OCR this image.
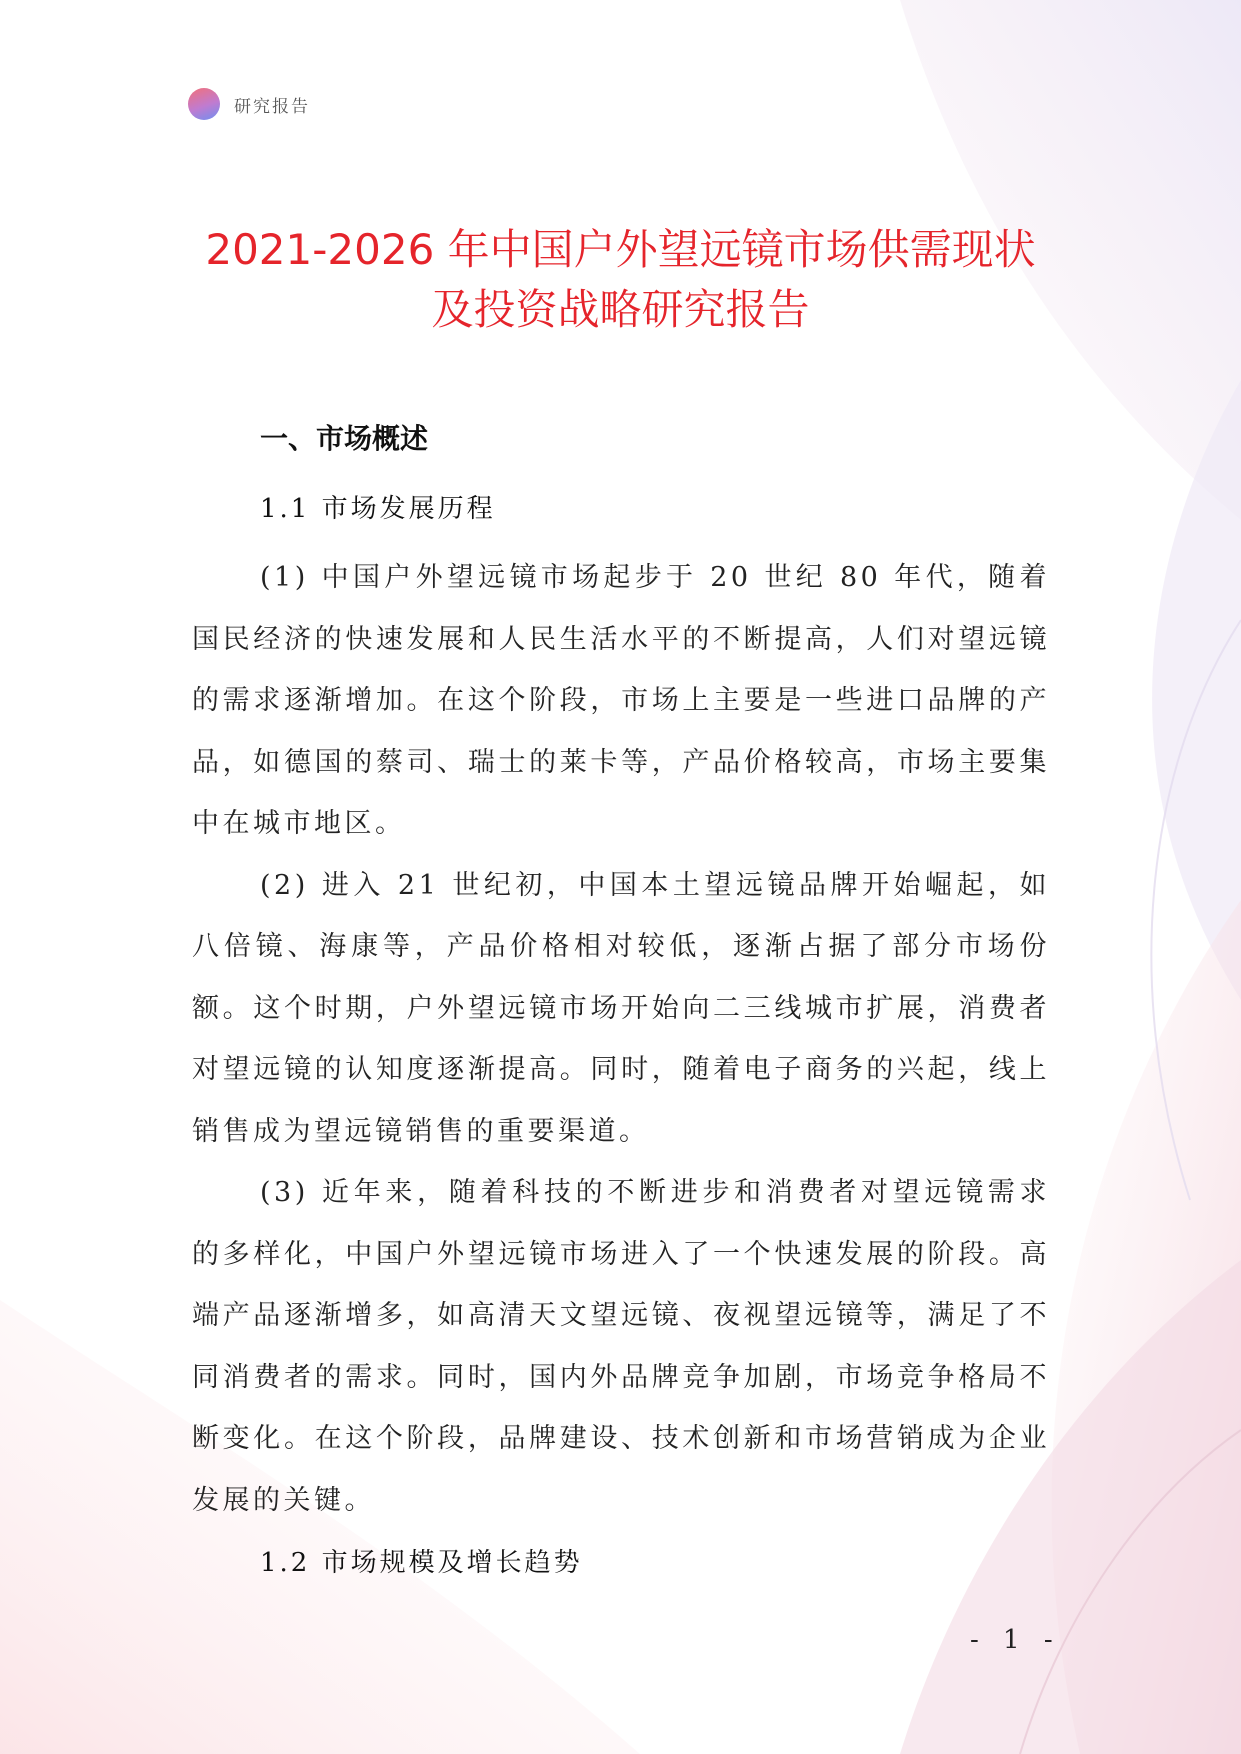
研究报告
2021-2026 年中国户外望远镜市场供需现状
及投资战略研究报告
一、市场概述
1.1 市场发展历程

(1) 中国户外望远镜市场起步于 20 世纪 80 年代，随着国民经济的快速发展和人民生活水平的不断提高，人们对望远镜的需求逐渐增加。在这个阶段，市场上主要是一些进口品牌的产品，如德国的蔡司、瑞士的莱卡等，产品价格较高，市场主要集中在城市地区。

(2) 进入 21 世纪初，中国本土望远镜品牌开始崛起，如八倍镜、海康等，产品价格相对较低，逐渐占据了部分市场份额。这个时期，户外望远镜市场开始向二三线城市扩展，消费者对望远镜的认知度逐渐提高。同时，随着电子商务的兴起，线上销售成为望远镜销售的重要渠道。

(3) 近年来，随着科技的不断进步和消费者对望远镜需求的多样化，中国户外望远镜市场进入了一个快速发展的阶段。高端产品逐渐增多，如高清天文望远镜、夜视望远镜等，满足了不同消费者的需求。同时，国内外品牌竞争加剧，市场竞争格局不断变化。在这个阶段，品牌建设、技术创新和市场营销成为企业发展的关键。

1.2 市场规模及增长趋势
- 1 -
